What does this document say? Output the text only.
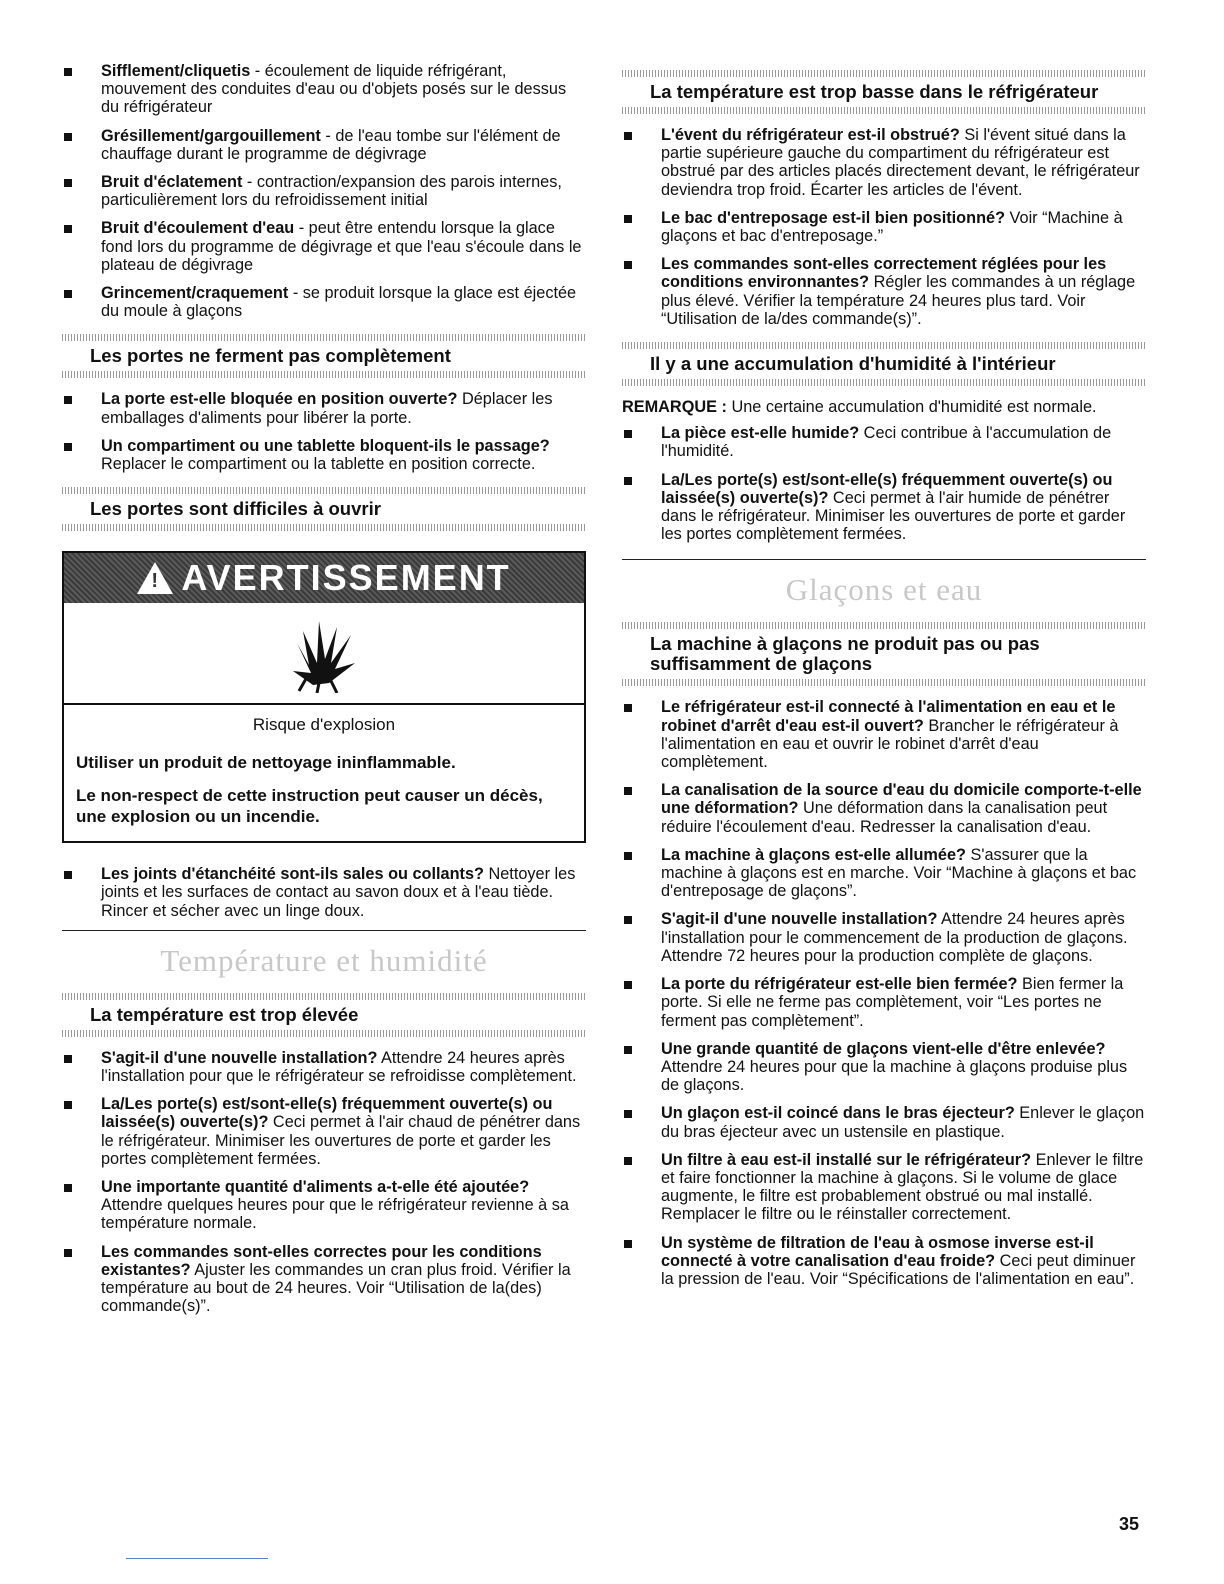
Sifflement/cliquetis - écoulement de liquide réfrigérant, mouvement des conduites d'eau ou d'objets posés sur le dessus du réfrigérateur
Grésillement/gargouillement - de l'eau tombe sur l'élément de chauffage durant le programme de dégivrage
Bruit d'éclatement - contraction/expansion des parois internes, particulièrement lors du refroidissement initial
Bruit d'écoulement d'eau - peut être entendu lorsque la glace fond lors du programme de dégivrage et que l'eau s'écoule dans le plateau de dégivrage
Grincement/craquement - se produit lorsque la glace est éjectée du moule à glaçons
Les portes ne ferment pas complètement
La porte est-elle bloquée en position ouverte? Déplacer les emballages d'aliments pour libérer la porte.
Un compartiment ou une tablette bloquent-ils le passage? Replacer le compartiment ou la tablette en position correcte.
Les portes sont difficiles à ouvrir
! AVERTISSEMENT

Risque d'explosion

Utiliser un produit de nettoyage ininflammable.

Le non-respect de cette instruction peut causer un décès, une explosion ou un incendie.

Les joints d'étanchéité sont-ils sales ou collants? Nettoyer les joints et les surfaces de contact au savon doux et à l'eau tiède. Rincer et sécher avec un linge doux.
Température et humidité
La température est trop élevée
S'agit-il d'une nouvelle installation? Attendre 24 heures après l'installation pour que le réfrigérateur se refroidisse complètement.
La/Les porte(s) est/sont-elle(s) fréquemment ouverte(s) ou laissée(s) ouverte(s)? Ceci permet à l'air chaud de pénétrer dans le réfrigérateur. Minimiser les ouvertures de porte et garder les portes complètement fermées.
Une importante quantité d'aliments a-t-elle été ajoutée? Attendre quelques heures pour que le réfrigérateur revienne à sa température normale.
Les commandes sont-elles correctes pour les conditions existantes? Ajuster les commandes un cran plus froid. Vérifier la température au bout de 24 heures. Voir “Utilisation de la(des) commande(s)”.
La température est trop basse dans le réfrigérateur
L'évent du réfrigérateur est-il obstrué? Si l'évent situé dans la partie supérieure gauche du compartiment du réfrigérateur est obstrué par des articles placés directement devant, le réfrigérateur deviendra trop froid. Écarter les articles de l'évent.
Le bac d'entreposage est-il bien positionné? Voir “Machine à glaçons et bac d'entreposage.”
Les commandes sont-elles correctement réglées pour les conditions environnantes? Régler les commandes à un réglage plus élevé. Vérifier la température 24 heures plus tard. Voir “Utilisation de la/des commande(s)”.
Il y a une accumulation d'humidité à l'intérieur

REMARQUE : Une certaine accumulation d'humidité est normale.

La pièce est-elle humide? Ceci contribue à l'accumulation de l'humidité.
La/Les porte(s) est/sont-elle(s) fréquemment ouverte(s) ou laissée(s) ouverte(s)? Ceci permet à l'air humide de pénétrer dans le réfrigérateur. Minimiser les ouvertures de porte et garder les portes complètement fermées.
Glaçons et eau
La machine à glaçons ne produit pas ou pas suffisamment de glaçons
Le réfrigérateur est-il connecté à l'alimentation en eau et le robinet d'arrêt d'eau est-il ouvert? Brancher le réfrigérateur à l'alimentation en eau et ouvrir le robinet d'arrêt d'eau complètement.
La canalisation de la source d'eau du domicile comporte-t-elle une déformation? Une déformation dans la canalisation peut réduire l'écoulement d'eau. Redresser la canalisation d'eau.
La machine à glaçons est-elle allumée? S'assurer que la machine à glaçons est en marche. Voir “Machine à glaçons et bac d'entreposage de glaçons”.
S'agit-il d'une nouvelle installation? Attendre 24 heures après l'installation pour le commencement de la production de glaçons. Attendre 72 heures pour la production complète de glaçons.
La porte du réfrigérateur est-elle bien fermée? Bien fermer la porte. Si elle ne ferme pas complètement, voir “Les portes ne ferment pas complètement”.
Une grande quantité de glaçons vient-elle d'être enlevée? Attendre 24 heures pour que la machine à glaçons produise plus de glaçons.
Un glaçon est-il coincé dans le bras éjecteur? Enlever le glaçon du bras éjecteur avec un ustensile en plastique.
Un filtre à eau est-il installé sur le réfrigérateur? Enlever le filtre et faire fonctionner la machine à glaçons. Si le volume de glace augmente, le filtre est probablement obstrué ou mal installé. Remplacer le filtre ou le réinstaller correctement.
Un système de filtration de l'eau à osmose inverse est-il connecté à votre canalisation d'eau froide? Ceci peut diminuer la pression de l'eau. Voir “Spécifications de l'alimentation en eau”.
35
